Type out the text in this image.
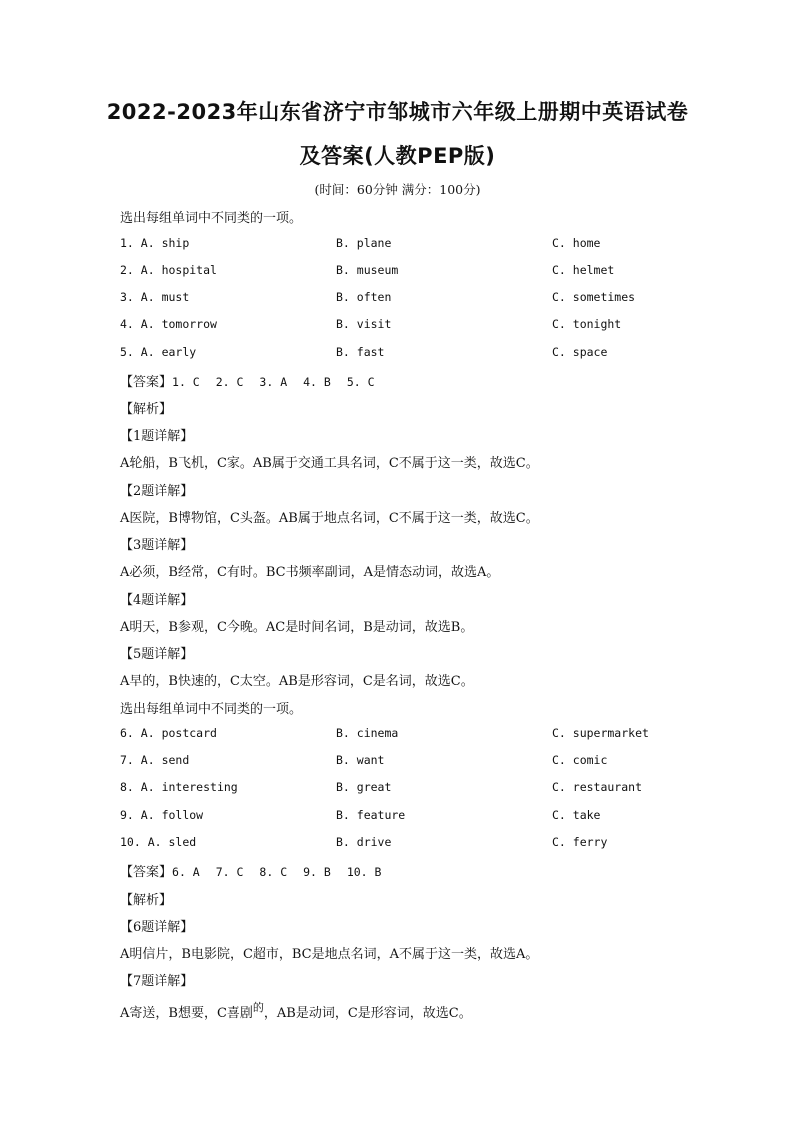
2022-2023年山东省济宁市邹城市六年级上册期中英语试卷
及答案(人教PEP版)
(时间：60分钟 满分：100分)
选出每组单词中不同类的一项。
1. A. ship	B. plane	C. home
2. A. hospital	B. museum	C. helmet
3. A. must	B. often	C. sometimes
4. A. tomorrow	B. visit	C. tonight
5. A. early	B. fast	C. space
【答案】1. C 2. C 3. A 4. B 5. C
【解析】
【1题详解】
A轮船，B飞机，C家。AB属于交通工具名词，C不属于这一类，故选C。
【2题详解】
A医院，B博物馆，C头盔。AB属于地点名词，C不属于这一类，故选C。
【3题详解】
A必须，B经常，C有时。BC书频率副词，A是情态动词，故选A。
【4题详解】
A明天，B参观，C今晚。AC是时间名词，B是动词，故选B。
【5题详解】
A早的，B快速的，C太空。AB是形容词，C是名词，故选C。
选出每组单词中不同类的一项。
6. A. postcard	B. cinema	C. supermarket
7. A. send	B. want	C. comic
8. A. interesting	B. great	C. restaurant
9. A. follow	B. feature	C. take
10. A. sled	B. drive	C. ferry
【答案】6. A 7. C 8. C 9. B 10. B
【解析】
【6题详解】
A明信片，B电影院，C超市，BC是地点名词，A不属于这一类，故选A。
【7题详解】
A寄送，B想要，C喜剧$^的$，AB是动词，C是形容词，故选C。
